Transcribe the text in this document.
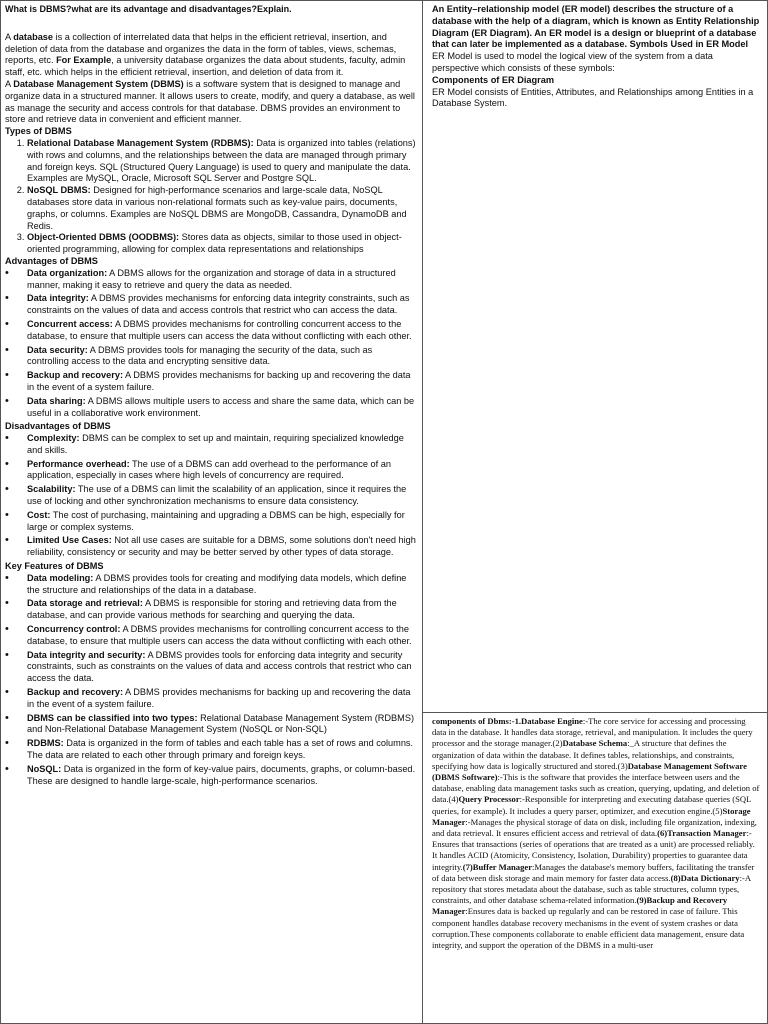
What is DBMS?what are its advantage and disadvantages?Explain.

A database is a collection of interrelated data that helps in the efficient retrieval, insertion, and deletion of data from the database and organizes the data in the form of tables, views, schemas, reports, etc. For Example, a university database organizes the data about students, faculty, admin staff, etc. which helps in the efficient retrieval, insertion, and deletion of data from it.

A Database Management System (DBMS) is a software system that is designed to manage and organize data in a structured manner. It allows users to create, modify, and query a database, as well as manage the security and access controls for that database. DBMS provides an environment to store and retrieve data in convenient and efficient manner.

Types of DBMS
1. Relational Database Management System (RDBMS): Data is organized into tables (relations) with rows and columns, and the relationships between the data are managed through primary and foreign keys. SQL (Structured Query Language) is used to query and manipulate the data. Examples are MySQL, Oracle, Microsoft SQL Server and Postgre SQL.
2. NoSQL DBMS: Designed for high-performance scenarios and large-scale data, NoSQL databases store data in various non-relational formats such as key-value pairs, documents, graphs, or columns. Examples are NoSQL DBMS are MongoDB, Cassandra, DynamoDB and Redis.
3. Object-Oriented DBMS (OODBMS): Stores data as objects, similar to those used in object-oriented programming, allowing for complex data representations and relationships
Advantages of DBMS
• Data organization: A DBMS allows for the organization and storage of data in a structured manner, making it easy to retrieve and query the data as needed.
• Data integrity: A DBMS provides mechanisms for enforcing data integrity constraints, such as constraints on the values of data and access controls that restrict who can access the data.
• Concurrent access: A DBMS provides mechanisms for controlling concurrent access to the database, to ensure that multiple users can access the data without conflicting with each other.
• Data security: A DBMS provides tools for managing the security of the data, such as controlling access to the data and encrypting sensitive data.
• Backup and recovery: A DBMS provides mechanisms for backing up and recovering the data in the event of a system failure.
• Data sharing: A DBMS allows multiple users to access and share the same data, which can be useful in a collaborative work environment.
Disadvantages of DBMS
• Complexity: DBMS can be complex to set up and maintain, requiring specialized knowledge and skills.
• Performance overhead: The use of a DBMS can add overhead to the performance of an application, especially in cases where high levels of concurrency are required.
• Scalability: The use of a DBMS can limit the scalability of an application, since it requires the use of locking and other synchronization mechanisms to ensure data consistency.
• Cost: The cost of purchasing, maintaining and upgrading a DBMS can be high, especially for large or complex systems.
• Limited Use Cases: Not all use cases are suitable for a DBMS, some solutions don't need high reliability, consistency or security and may be better served by other types of data storage.
Key Features of DBMS
• Data modeling: A DBMS provides tools for creating and modifying data models, which define the structure and relationships of the data in a database.
• Data storage and retrieval: A DBMS is responsible for storing and retrieving data from the database, and can provide various methods for searching and querying the data.
• Concurrency control: A DBMS provides mechanisms for controlling concurrent access to the database, to ensure that multiple users can access the data without conflicting with each other.
• Data integrity and security: A DBMS provides tools for enforcing data integrity and security constraints, such as constraints on the values of data and access controls that restrict who can access the data.
• Backup and recovery: A DBMS provides mechanisms for backing up and recovering the data in the event of a system failure.
• DBMS can be classified into two types: Relational Database Management System (RDBMS) and Non-Relational Database Management System (NoSQL or Non-SQL)
• RDBMS: Data is organized in the form of tables and each table has a set of rows and columns. The data are related to each other through primary and foreign keys.
• NoSQL: Data is organized in the form of key-value pairs, documents, graphs, or column-based. These are designed to handle large-scale, high-performance scenarios.

An Entity–relationship model (ER model) describes the structure of a database with the help of a diagram, which is known as Entity Relationship Diagram (ER Diagram). An ER model is a design or blueprint of a database that can later be implemented as a database. Symbols Used in ER Model

ER Model is used to model the logical view of the system from a data perspective which consists of these symbols:

Components of ER Diagram

ER Model consists of Entities, Attributes, and Relationships among Entities in a Database System.

components of Dbms:-1.Database Engine:-The core service for accessing and processing data in the database. It handles data storage, retrieval, and manipulation. It includes the query processor and the storage manager.(2)Database Schema:_A structure that defines the organization of data within the database. It defines tables, relationships, and constraints, specifying how data is logically structured and stored.(3)Database Management Software (DBMS Software):-This is the software that provides the interface between users and the database, enabling data management tasks such as creation, querying, updating, and deletion of data.(4)Query Processor:-Responsible for interpreting and executing database queries (SQL queries, for example). It includes a query parser, optimizer, and execution engine.(5)Storage Manager:-Manages the physical storage of data on disk, including file organization, indexing, and data retrieval. It ensures efficient access and retrieval of data.(6)Transaction Manager:-Ensures that transactions (series of operations that are treated as a unit) are processed reliably. It handles ACID (Atomicity, Consistency, Isolation, Durability) properties to guarantee data integrity.(7)Buffer Manager:Manages the database's memory buffers, facilitating the transfer of data between disk storage and main memory for faster data access.(8)Data Dictionary:-A repository that stores metadata about the database, such as table structures, column types, constraints, and other database schema-related information.(9)Backup and Recovery Manager:Ensures data is backed up regularly and can be restored in case of failure. This component handles database recovery mechanisms in the event of system crashes or data corruption.These components collaborate to enable efficient data management, ensure data integrity, and support the operation of the DBMS in a multi-user
